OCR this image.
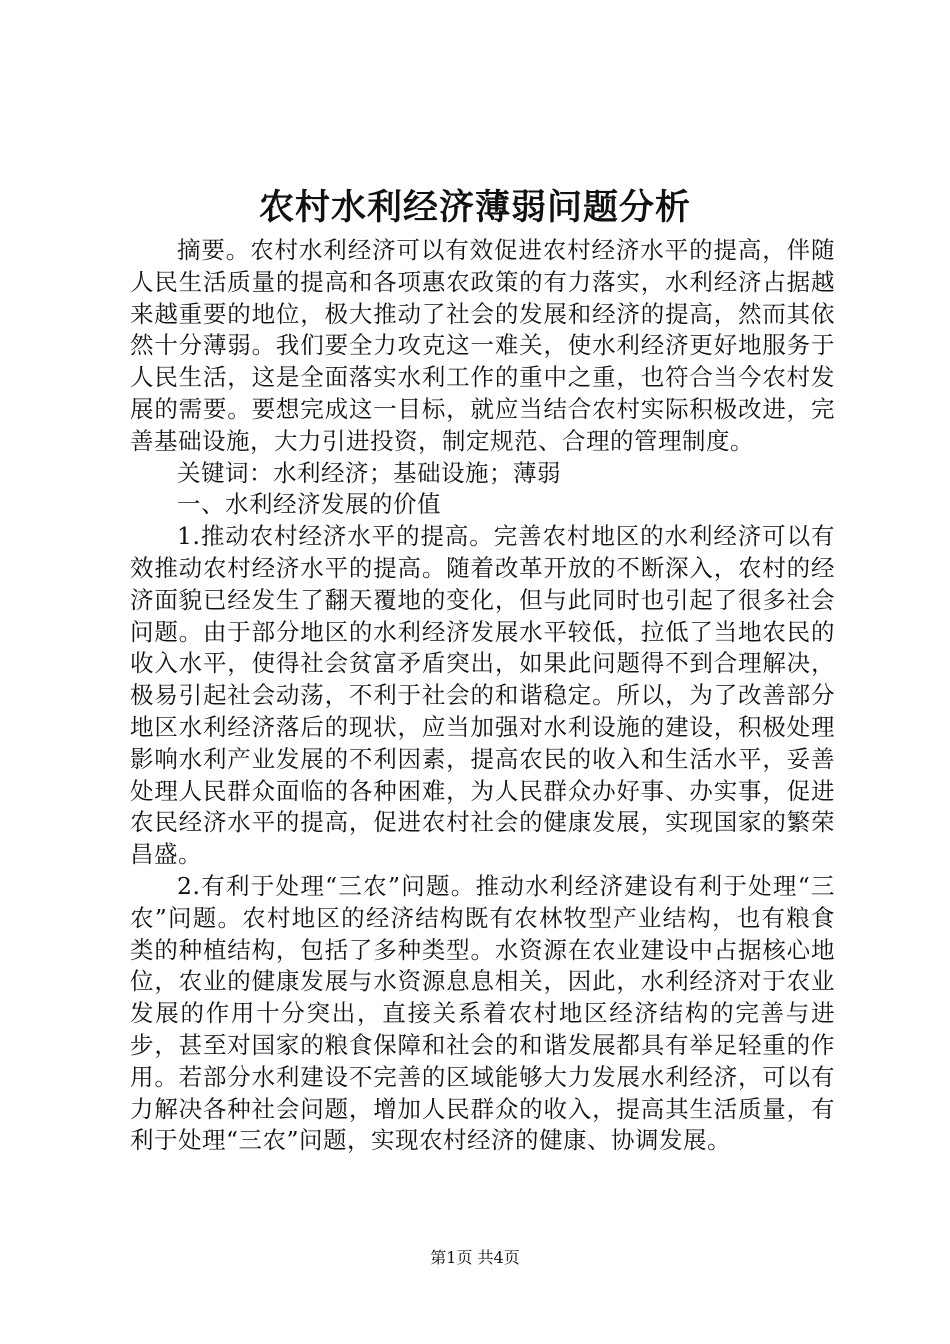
农村水利经济薄弱问题分析

摘要。农村水利经济可以有效促进农村经济水平的提高，伴随人民生活质量的提高和各项惠农政策的有力落实，水利经济占据越来越重要的地位，极大推动了社会的发展和经济的提高，然而其依然十分薄弱。我们要全力攻克这一难关，使水利经济更好地服务于人民生活，这是全面落实水利工作的重中之重，也符合当今农村发展的需要。要想完成这一目标，就应当结合农村实际积极改进，完善基础设施，大力引进投资，制定规范、合理的管理制度。

关键词：水利经济；基础设施；薄弱

一、水利经济发展的价值

1.推动农村经济水平的提高。完善农村地区的水利经济可以有效推动农村经济水平的提高。随着改革开放的不断深入，农村的经济面貌已经发生了翻天覆地的变化，但与此同时也引起了很多社会问题。由于部分地区的水利经济发展水平较低，拉低了当地农民的收入水平，使得社会贫富矛盾突出，如果此问题得不到合理解决，极易引起社会动荡，不利于社会的和谐稳定。所以，为了改善部分地区水利经济落后的现状，应当加强对水利设施的建设，积极处理影响水利产业发展的不利因素，提高农民的收入和生活水平，妥善处理人民群众面临的各种困难，为人民群众办好事、办实事，促进农民经济水平的提高，促进农村社会的健康发展，实现国家的繁荣昌盛。

2.有利于处理“三农”问题。推动水利经济建设有利于处理“三农”问题。农村地区的经济结构既有农林牧型产业结构，也有粮食类的种植结构，包括了多种类型。水资源在农业建设中占据核心地位，农业的健康发展与水资源息息相关，因此，水利经济对于农业发展的作用十分突出，直接关系着农村地区经济结构的完善与进步，甚至对国家的粮食保障和社会的和谐发展都具有举足轻重的作用。若部分水利建设不完善的区域能够大力发展水利经济，可以有力解决各种社会问题，增加人民群众的收入，提高其生活质量，有利于处理“三农”问题，实现农村经济的健康、协调发展。

第1页 共4页
